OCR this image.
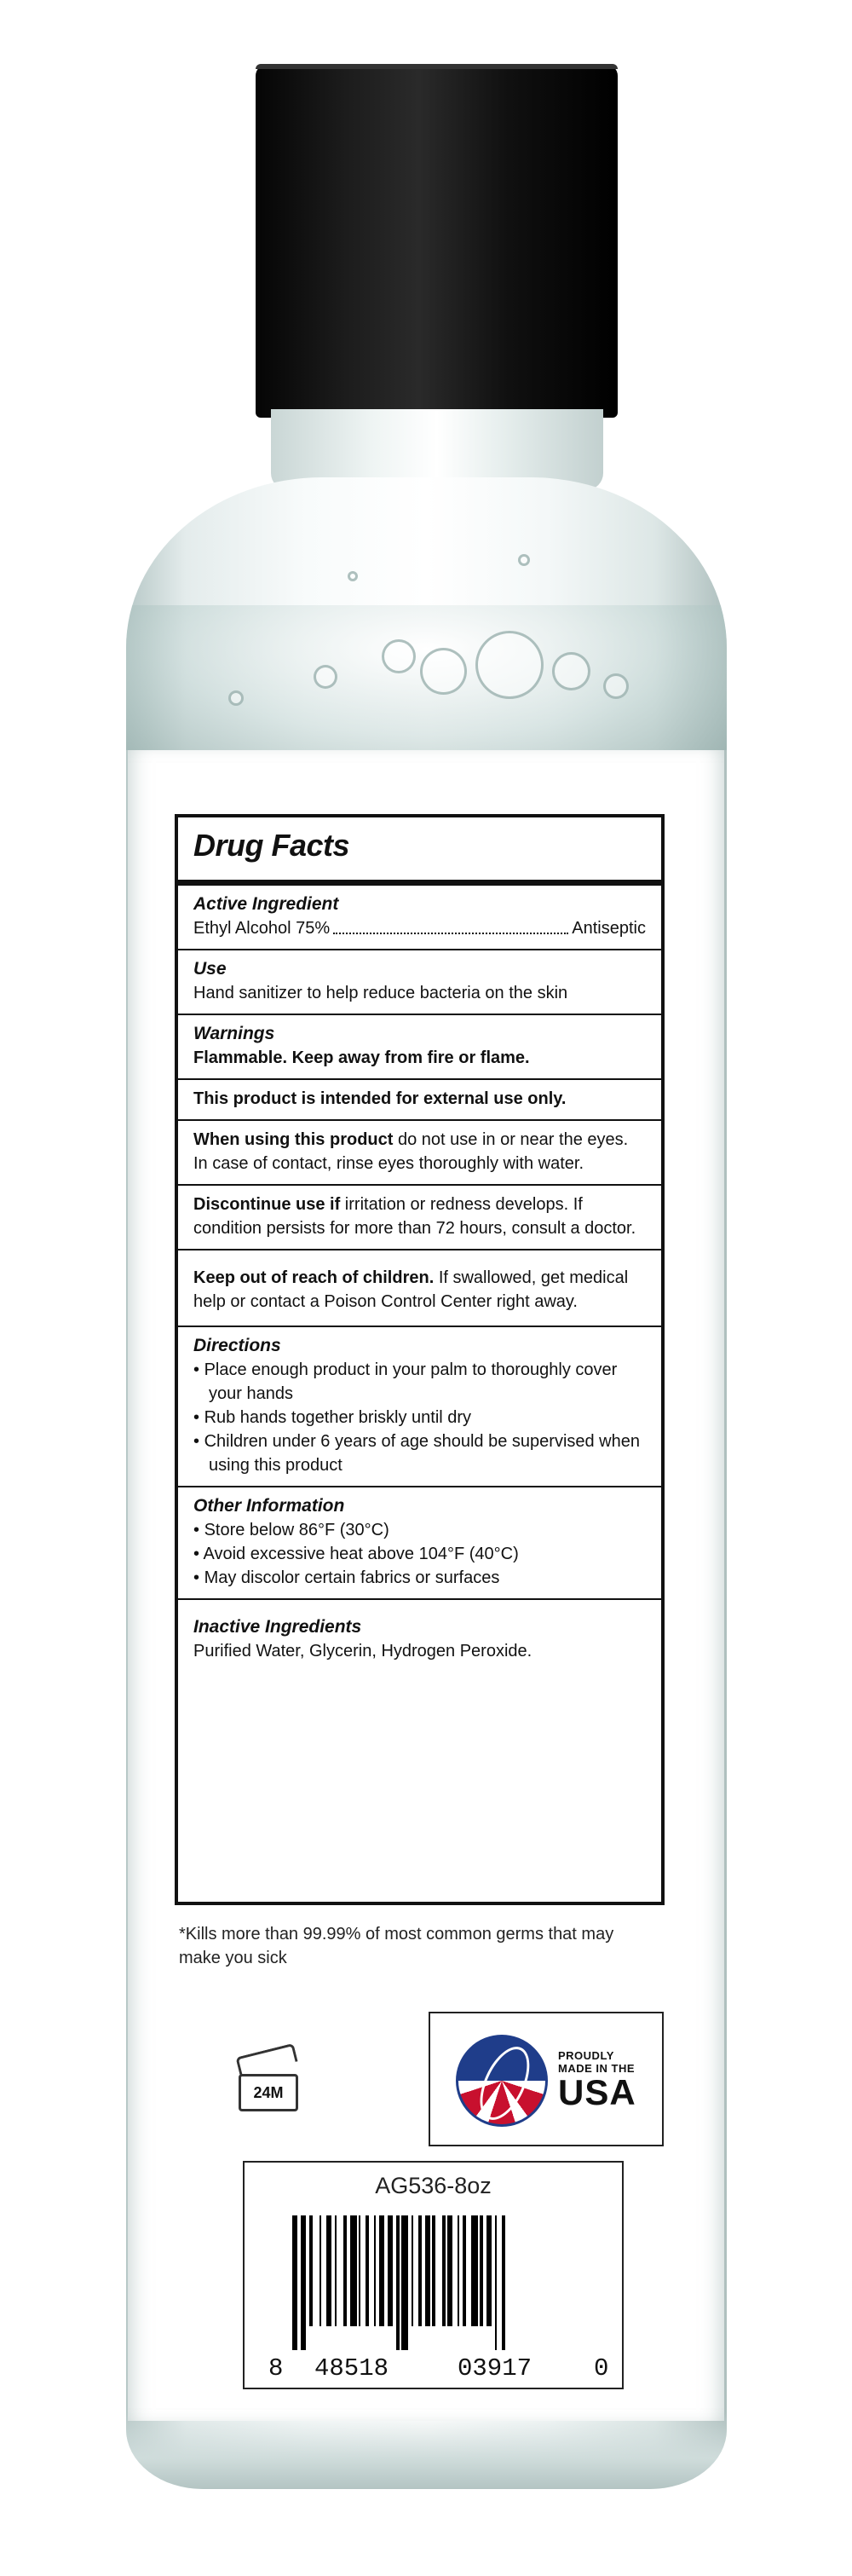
Drug Facts
Active Ingredient
Ethyl Alcohol 75%	Antiseptic
Use
Hand sanitizer to help reduce bacteria on the skin
Warnings
Flammable. Keep away from fire or flame.
This product is intended for external use only.
When using this product do not use in or near the eyes. In case of contact, rinse eyes thoroughly with water.
Discontinue use if irritation or redness develops. If condition persists for more than 72 hours, consult a doctor.
Keep out of reach of children. If swallowed, get medical help or contact a Poison Control Center right away.
Directions
• Place enough product in your palm to thoroughly cover your hands
• Rub hands together briskly until dry
• Children under 6 years of age should be supervised when using this product
Other Information
• Store below 86°F (30°C)
• Avoid excessive heat above 104°F (40°C)
• May discolor certain fabrics or surfaces
Inactive Ingredients
Purified Water, Glycerin, Hydrogen Peroxide.
*Kills more than 99.99% of most common germs that may make you sick
24M
PROUDLY
MADE IN THE
USA
AG536-8oz
8 48518	03917	0
